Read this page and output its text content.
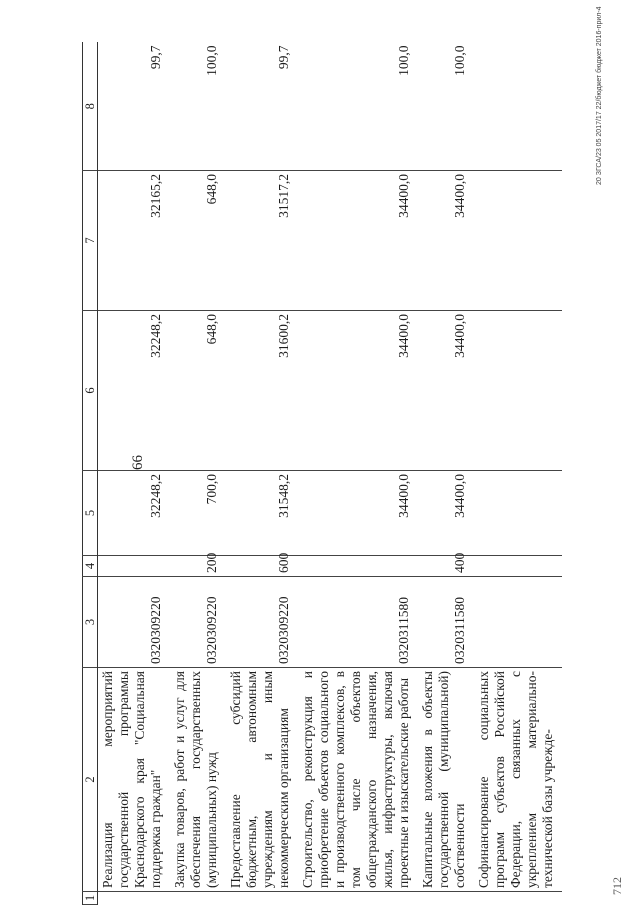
66
1	2	3	4	5	6	7	8
	Реализация мероприятий государственной программы Краснодарского края "Социальная поддержка граждан"	0320309220		32248,2	32248,2	32165,2	99,7
	Закупка товаров, работ и услуг для обеспечения государственных (муниципальных) нужд	0320309220	200	700,0	648,0	648,0	100,0
	Предоставление субсидий бюджетным, автономным учреждениям и иным некоммерческим организациям	0320309220	600	31548,2	31600,2	31517,2	99,7
	Строительство, реконструкция и приобретение объектов социального и производственного комплексов, в том числе объектов общегражданского назначения, жилья, инфраструктуры, включая проектные и изыскательские работы	0320311580		34400,0	34400,0	34400,0	100,0
	Капитальные вложения в объекты государственной (муниципальной) собственности	0320311580	400	34400,0	34400,0	34400,0	100,0
	Софинансирование социальных программ субъектов Российской Федерации, связанных с укреплением материально-технической базы учрежде-							712
20 ЗГСА/23 05 2017/17 22/бюджет бюджет 2016-прил-4
